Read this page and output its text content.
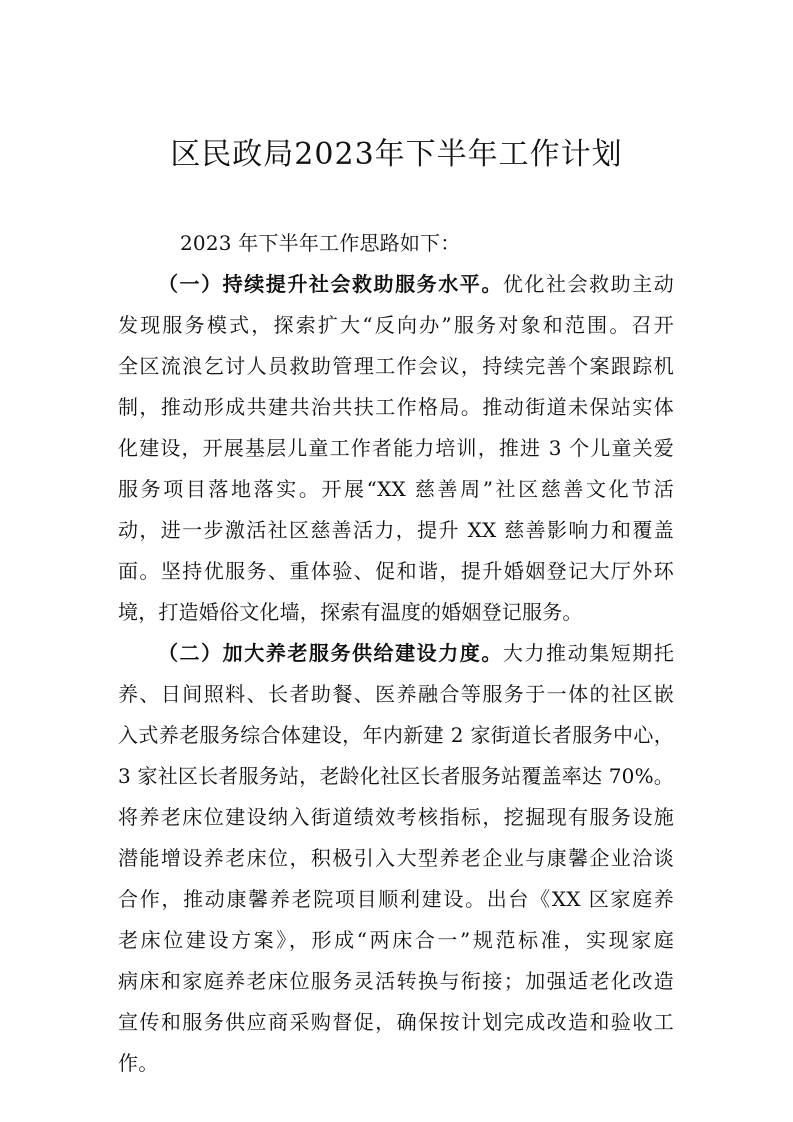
区民政局2023年下半年工作计划
2023 年下半年工作思路如下：
（一）持续提升社会救助服务水平。优化社会救助主动
发现服务模式，探索扩大“反向办”服务对象和范围。召开
全区流浪乞讨人员救助管理工作会议，持续完善个案跟踪机
制，推动形成共建共治共扶工作格局。推动街道未保站实体
化建设，开展基层儿童工作者能力培训，推进 3 个儿童关爱
服务项目落地落实。开展“XX 慈善周”社区慈善文化节活
动，进一步激活社区慈善活力，提升 XX 慈善影响力和覆盖
面。坚持优服务、重体验、促和谐，提升婚姻登记大厅外环
境，打造婚俗文化墙，探索有温度的婚姻登记服务。
（二）加大养老服务供给建设力度。大力推动集短期托
养、日间照料、长者助餐、医养融合等服务于一体的社区嵌
入式养老服务综合体建设，年内新建 2 家街道长者服务中心，
3 家社区长者服务站，老龄化社区长者服务站覆盖率达 70%。
将养老床位建设纳入街道绩效考核指标，挖掘现有服务设施
潜能增设养老床位，积极引入大型养老企业与康馨企业洽谈
合作，推动康馨养老院项目顺利建设。出台《XX 区家庭养
老床位建设方案》，形成“两床合一”规范标准，实现家庭
病床和家庭养老床位服务灵活转换与衔接；加强适老化改造
宣传和服务供应商采购督促，确保按计划完成改造和验收工
作。
